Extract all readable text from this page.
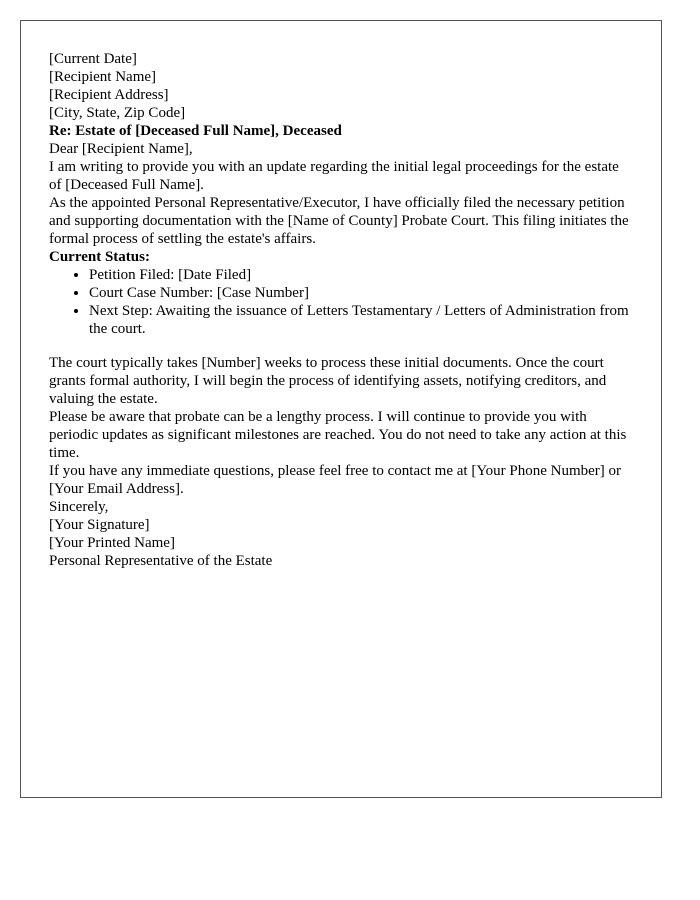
[Current Date]

[Recipient Name]
[Recipient Address]
[City, State, Zip Code]

Re: Estate of [Deceased Full Name], Deceased

Dear [Recipient Name],

I am writing to provide you with an update regarding the initial legal proceedings for the estate of [Deceased Full Name].

As the appointed Personal Representative/Executor, I have officially filed the necessary petition and supporting documentation with the [Name of County] Probate Court. This filing initiates the formal process of settling the estate's affairs.

Current Status:

• Petition Filed: [Date Filed]
• Court Case Number: [Case Number]
• Next Step: Awaiting the issuance of Letters Testamentary / Letters of Administration from the court.

The court typically takes [Number] weeks to process these initial documents. Once the court grants formal authority, I will begin the process of identifying assets, notifying creditors, and valuing the estate.

Please be aware that probate can be a lengthy process. I will continue to provide you with periodic updates as significant milestones are reached. You do not need to take any action at this time.

If you have any immediate questions, please feel free to contact me at [Your Phone Number] or [Your Email Address].

Sincerely,

[Your Signature]

[Your Printed Name]
Personal Representative of the Estate
